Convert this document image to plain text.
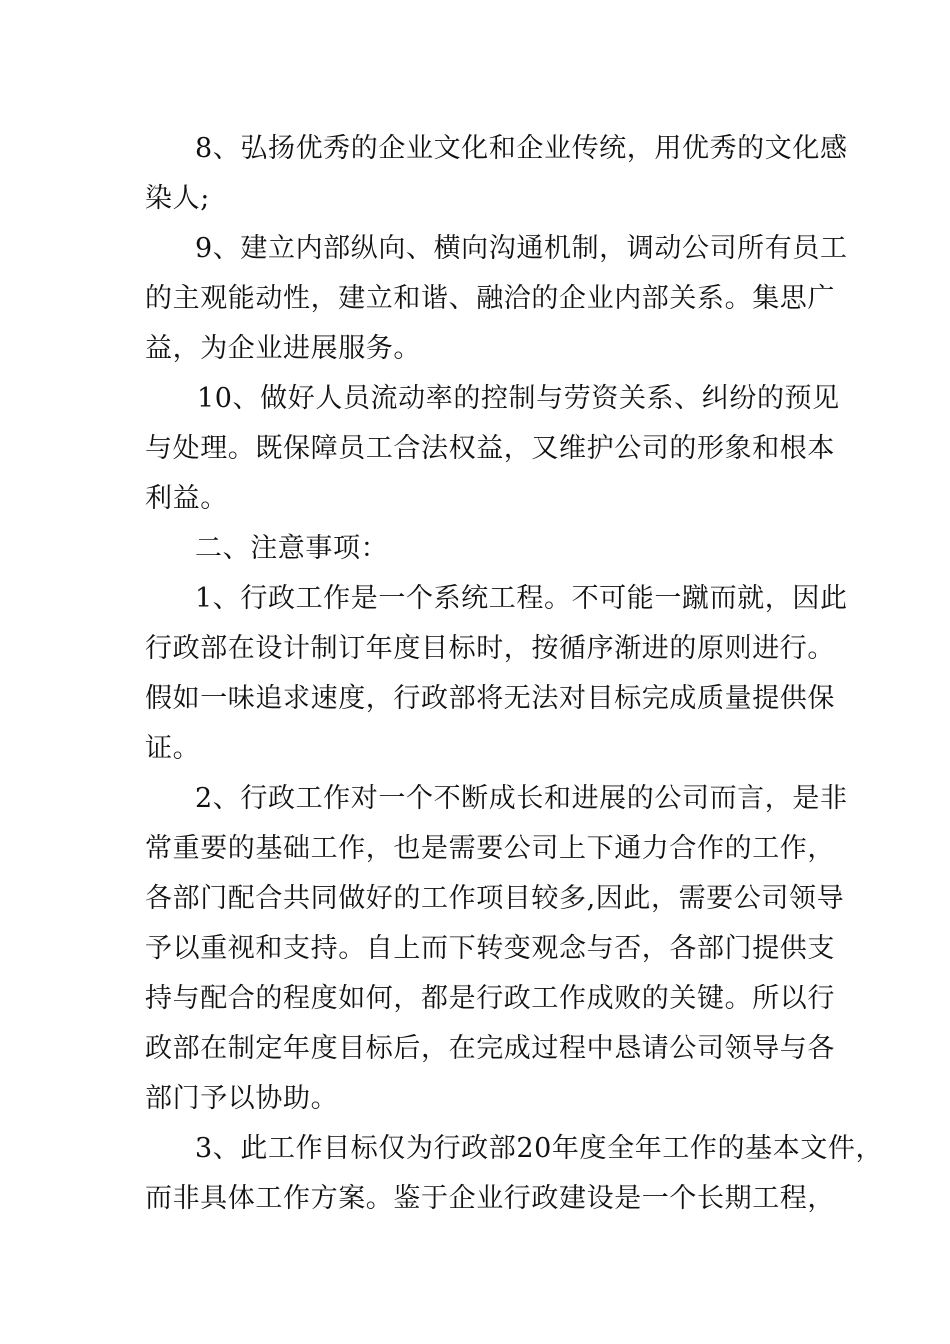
8、弘扬优秀的企业文化和企业传统，用优秀的文化感
染人;
9、建立内部纵向、横向沟通机制，调动公司所有员工
的主观能动性，建立和谐、融洽的企业内部关系。集思广
益，为企业进展服务。
10、做好人员流动率的控制与劳资关系、纠纷的预见
与处理。既保障员工合法权益，又维护公司的形象和根本
利益。
二、注意事项：
1、行政工作是一个系统工程。不可能一蹴而就，因此
行政部在设计制订年度目标时，按循序渐进的原则进行。
假如一味追求速度，行政部将无法对目标完成质量提供保
证。
2、行政工作对一个不断成长和进展的公司而言，是非
常重要的基础工作，也是需要公司上下通力合作的工作，
各部门配合共同做好的工作项目较多,因此，需要公司领导
予以重视和支持。自上而下转变观念与否，各部门提供支
持与配合的程度如何，都是行政工作成败的关键。所以行
政部在制定年度目标后，在完成过程中恳请公司领导与各
部门予以协助。
3、此工作目标仅为行政部20年度全年工作的基本文件，
而非具体工作方案。鉴于企业行政建设是一个长期工程，
